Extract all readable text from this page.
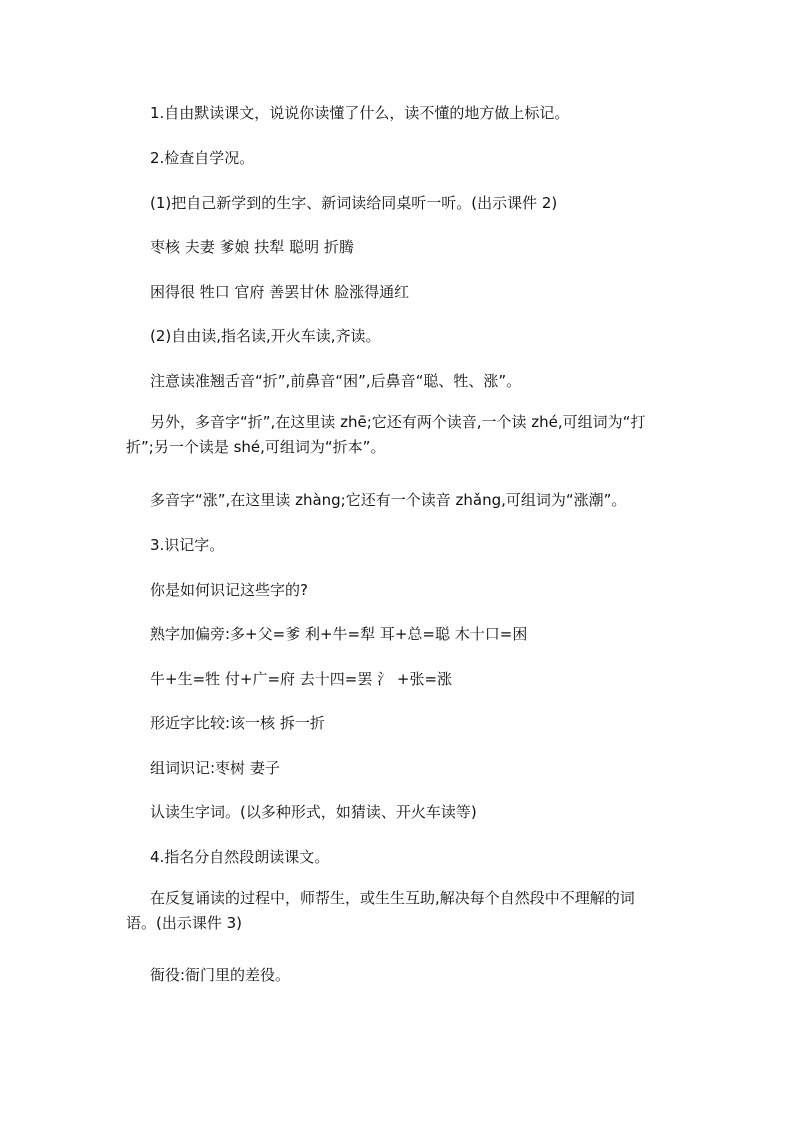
1.自由默读课文，说说你读懂了什么，读不懂的地方做上标记。

2.检查自学况。

(1)把自己新学到的生字、新词读给同桌听一听。(出示课件 2)

枣核 夫妻 爹娘 扶犁 聪明 折腾

困得很 牲口 官府 善罢甘休 脸涨得通红

(2)自由读,指名读,开火车读,齐读。

注意读准翘舌音“折”,前鼻音“困”,后鼻音“聪、牲、涨”。

另外，多音字“折”,在这里读 zhē;它还有两个读音,一个读 zhé,可组词为“打折”;另一个读是 shé,可组词为“折本”。

多音字“涨”,在这里读 zhàng;它还有一个读音 zhǎng,可组词为“涨潮”。

3.识记字。

你是如何识记这些字的?

熟字加偏旁:多+父=爹 利+牛=犁 耳+总=聪 木十口=困

牛+生=牲 付+广=府 去十四=罢 氵 +张=涨

形近字比较:该一核 拆一折

组词识记:枣树 妻子

认读生字词。(以多种形式，如猜读、开火车读等)

4.指名分自然段朗读课文。

在反复诵读的过程中，师帮生，或生生互助,解决每个自然段中不理解的词语。(出示课件 3)

衙役:衙门里的差役。
